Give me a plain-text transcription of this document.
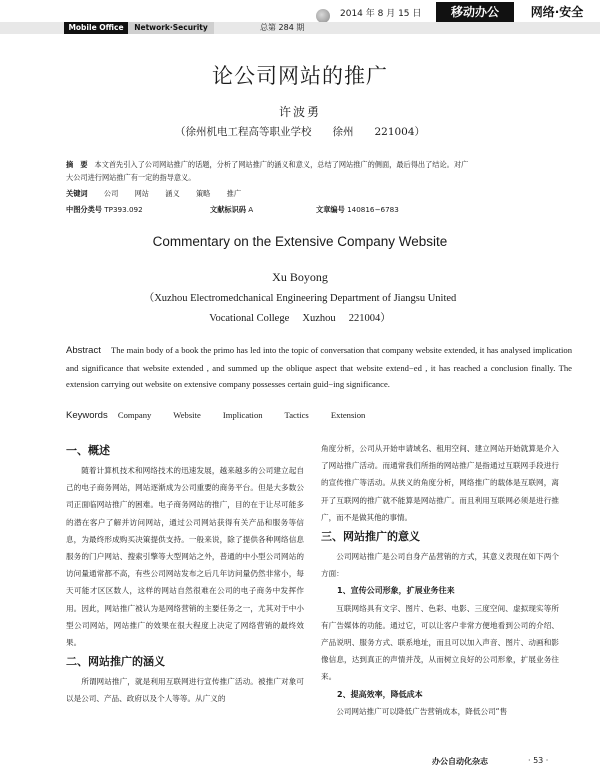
2014 年 8 月 15 日	移动办公	网络·安全
Mobile Office	Network·Security	总第 284 期
论公司网站的推广
许波勇
（徐州机电工程高等职业学校　　徐州　　221004）
摘　要 本文首先引入了公司网站推广的话题，分析了网站推广的涵义和意义，总结了网站推广的侧面，最后得出了结论。对广
大公司进行网站推广有一定的指导意义。
关键词 公司 网站 涵义 策略 推广
中图分类号 TP393.092	文献标识码 A	文章编号 140816−6783
Commentary on the Extensive Company Website
Xu Boyong
（Xuzhou Electromedchanical Engineering Department of Jiangsu United
Vocational College　 Xuzhou　 221004）
Abstract The main body of a book the primo has led into the topic of conversation that company website extended, it has analysed implication and significance that website extended , and summed up the oblique aspect that website extend−ed , it has reached a conclusion finally. The extension carrying out website on extensive company possesses certain guid−ing significance.
Keywords Company	Website	Implication	Tactics	Extension
一、概述
随着计算机技术和网络技术的迅速发展，越来越多的公司建立起自己的电子商务网站，网站逐渐成为公司重要的商务平台。但是大多数公司正面临网站推广的困难。电子商务网站的推广，目的在于让尽可能多的潜在客户了解并访问网站，通过公司网站获得有关产品和服务等信息，为最终形成购买决策提供支持。一般来说，除了提供各种网络信息服务的门户网站、搜索引擎等大型网站之外，普通的中小型公司网站的访问量通常都不高，有些公司网站发布之后几年访问量仍然非常小，每天可能才区区数人，这样的网站自然很难在公司的电子商务中发挥作用。因此，网站推广被认为是网络营销的主要任务之一，尤其对于中小型公司网站，网站推广的效果在很大程度上决定了网络营销的最终效果。
二、网站推广的涵义
所谓网站推广，就是利用互联网进行宣传推广活动。被推广对象可以是公司、产品、政府以及个人等等。从广义的
角度分析，公司从开始申请域名、租用空间、建立网站开始就算是介入了网站推广活动。而通常我们所指的网站推广是指通过互联网手段进行的宣传推广等活动。从狭义的角度分析，网络推广的载体是互联网，离开了互联网的推广就不能算是网站推广。而且利用互联网必须是进行推广，而不是做其他的事情。
三、网站推广的意义
公司网站推广是公司自身产品营销的方式，其意义表现在如下两个方面：
1、宣传公司形象，扩展业务往来
互联网络具有文字、图片、色彩、电影、三度空间、虚拟现实等所有广告媒体的功能。通过它，可以让客户非常方便地看到公司的介绍、产品说明、服务方式、联系地址，而且可以加入声音、图片、动画和影像信息，达到真正的声情并茂，从而树立良好的公司形象，扩展业务往来。
2、提高效率，降低成本
公司网站推广可以降低广告营销成本，降低公司“售
办公自动化杂志	· 53 ·
